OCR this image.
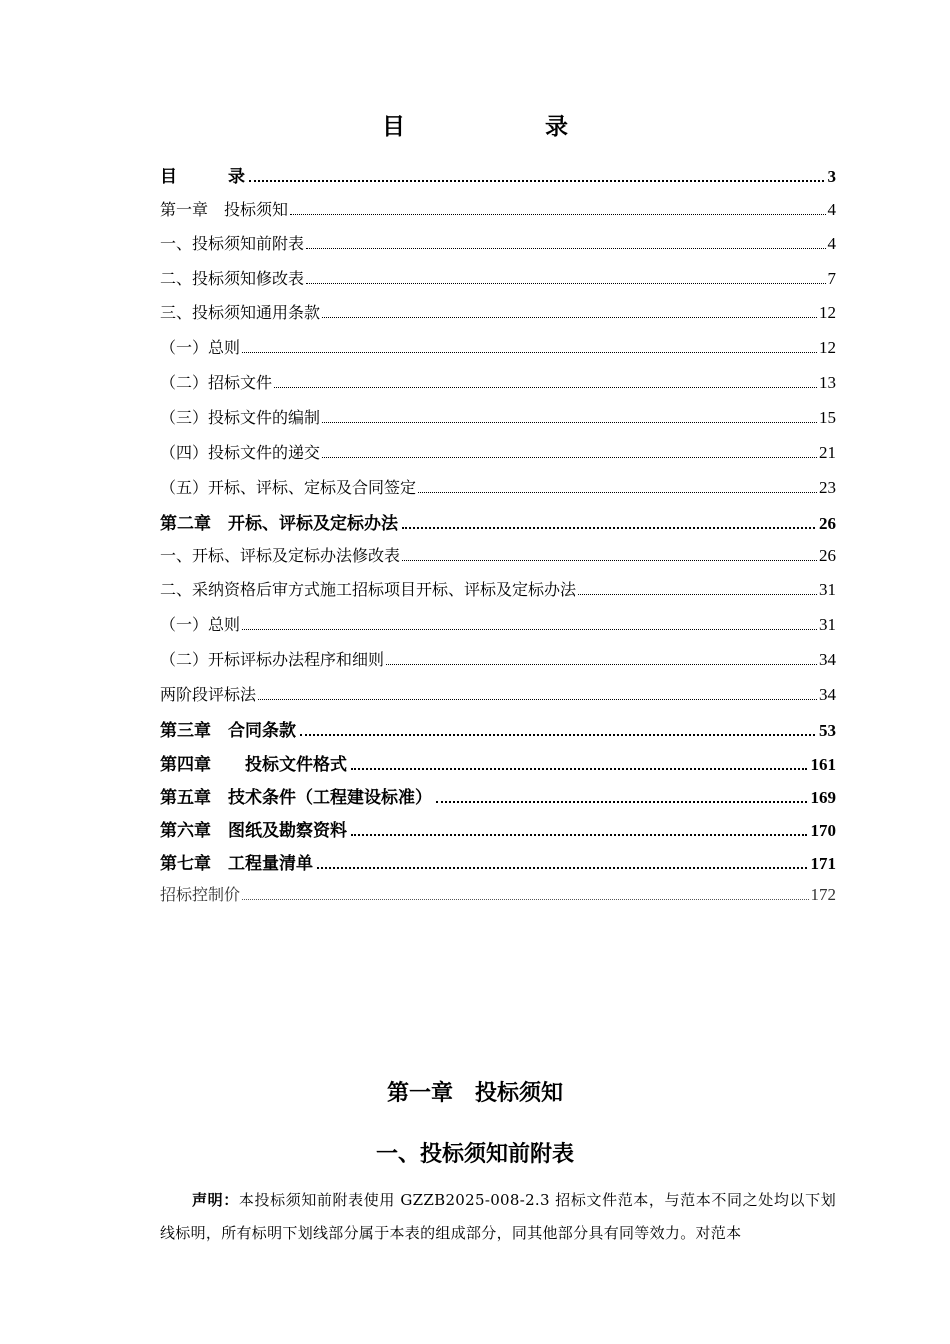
目 录
目　　　录	3
第一章　投标须知	4
一、投标须知前附表	4
二、投标须知修改表	7
三、投标须知通用条款	12
（一）总则	12
（二）招标文件	13
（三）投标文件的编制	15
（四）投标文件的递交	21
（五）开标、评标、定标及合同签定	23
第二章　开标、评标及定标办法	26
一、开标、评标及定标办法修改表	26
二、采纳资格后审方式施工招标项目开标、评标及定标办法	31
（一）总则	31
（二）开标评标办法程序和细则	34
两阶段评标法	34
第三章　合同条款	53
第四章　　投标文件格式	161
第五章　技术条件（工程建设标准）	169
第六章　图纸及勘察资料	170
第七章　工程量清单	171
招标控制价	172
第一章　投标须知
一、投标须知前附表

声明：本投标须知前附表使用 GZZB2025-008-2.3 招标文件范本，与范本不同之处均以下划线标明，所有标明下划线部分属于本表的组成部分，同其他部分具有同等效力。对范本
